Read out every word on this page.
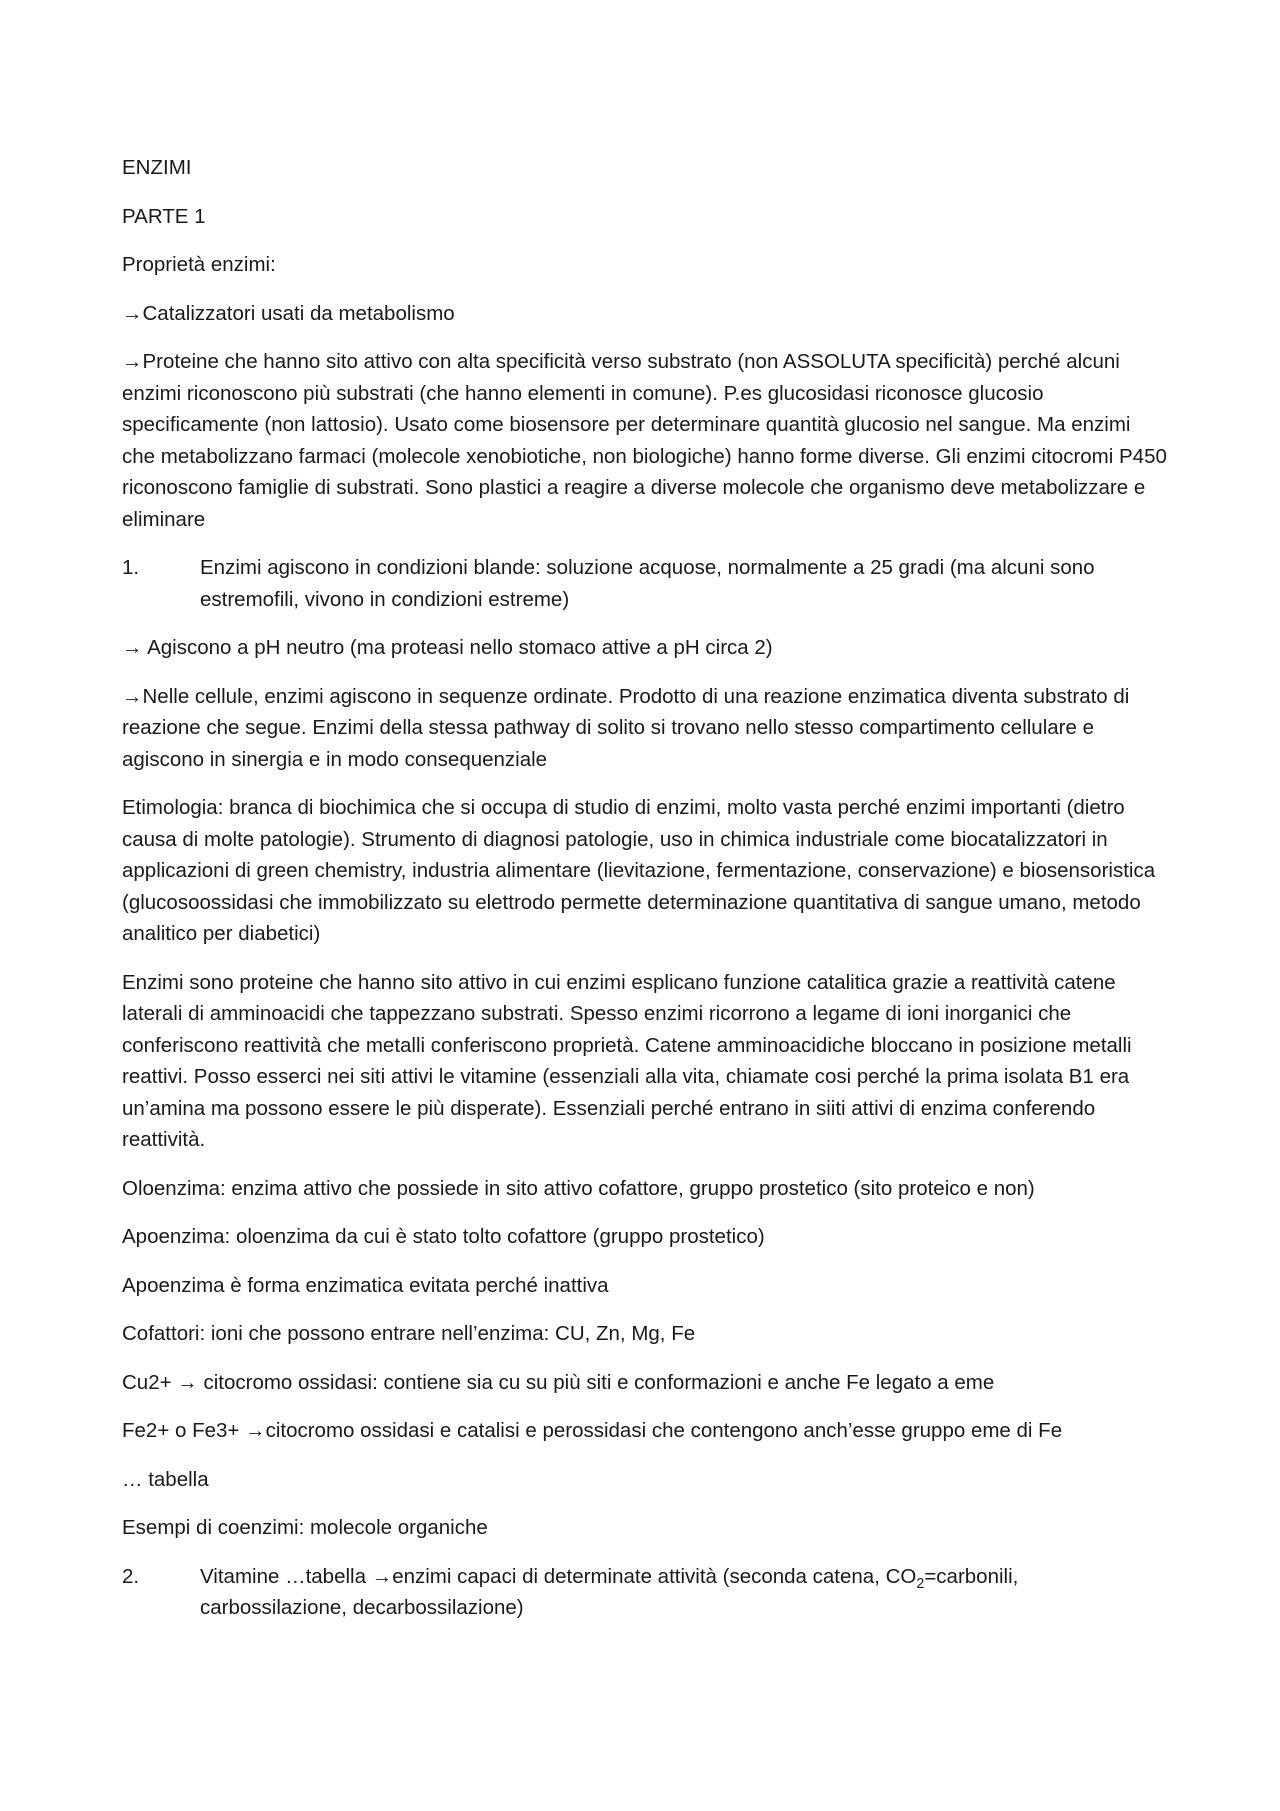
ENZIMI

PARTE 1

Proprietà enzimi:

→Catalizzatori usati da metabolismo

→Proteine che hanno sito attivo con alta specificità verso substrato (non ASSOLUTA specificità) perché alcuni enzimi riconoscono più substrati (che hanno elementi in comune). P.es glucosidasi riconosce glucosio specificamente (non lattosio). Usato come biosensore per determinare quantità glucosio nel sangue. Ma enzimi che metabolizzano farmaci (molecole xenobiotiche, non biologiche) hanno forme diverse. Gli enzimi citocromi P450 riconoscono famiglie di substrati. Sono plastici a reagire a diverse molecole che organismo deve metabolizzare e eliminare

1.	Enzimi agiscono in condizioni blande: soluzione acquose, normalmente a 25 gradi (ma alcuni sono estremofili, vivono in condizioni estreme)

→ Agiscono a pH neutro (ma proteasi nello stomaco attive a pH circa 2)

→Nelle cellule, enzimi agiscono in sequenze ordinate. Prodotto di una reazione enzimatica diventa substrato di reazione che segue. Enzimi della stessa pathway di solito si trovano nello stesso compartimento cellulare e agiscono in sinergia e in modo consequenziale

Etimologia: branca di biochimica che si occupa di studio di enzimi, molto vasta perché enzimi importanti (dietro causa di molte patologie). Strumento di diagnosi patologie, uso in chimica industriale come biocatalizzatori in applicazioni di green chemistry, industria alimentare (lievitazione, fermentazione, conservazione) e biosensoristica (glucosoossidasi che immobilizzato su elettrodo permette determinazione quantitativa di sangue umano, metodo analitico per diabetici)

Enzimi sono proteine che hanno sito attivo in cui enzimi esplicano funzione catalitica grazie a reattività catene laterali di amminoacidi che tappezzano substrati. Spesso enzimi ricorrono a legame di ioni inorganici che conferiscono reattività che metalli conferiscono proprietà. Catene amminoacidiche bloccano in posizione metalli reattivi. Posso esserci nei siti attivi le vitamine (essenziali alla vita, chiamate cosi perché la prima isolata B1 era un’amina ma possono essere le più disperate). Essenziali perché entrano in siiti attivi di enzima conferendo reattività.

Oloenzima: enzima attivo che possiede in sito attivo cofattore, gruppo prostetico (sito proteico e non)

Apoenzima: oloenzima da cui è stato tolto cofattore (gruppo prostetico)

Apoenzima è forma enzimatica evitata perché inattiva

Cofattori: ioni che possono entrare nell’enzima: CU, Zn, Mg, Fe

Cu2+ → citocromo ossidasi: contiene sia cu su più siti e conformazioni e anche Fe legato a eme

Fe2+ o Fe3+ →citocromo ossidasi e catalisi e perossidasi che contengono anch’esse gruppo eme di Fe

… tabella

Esempi di coenzimi: molecole organiche

2.	Vitamine …tabella →enzimi capaci di determinate attività (seconda catena, $CO_2=carbonili$, carbossilazione, decarbossilazione)
